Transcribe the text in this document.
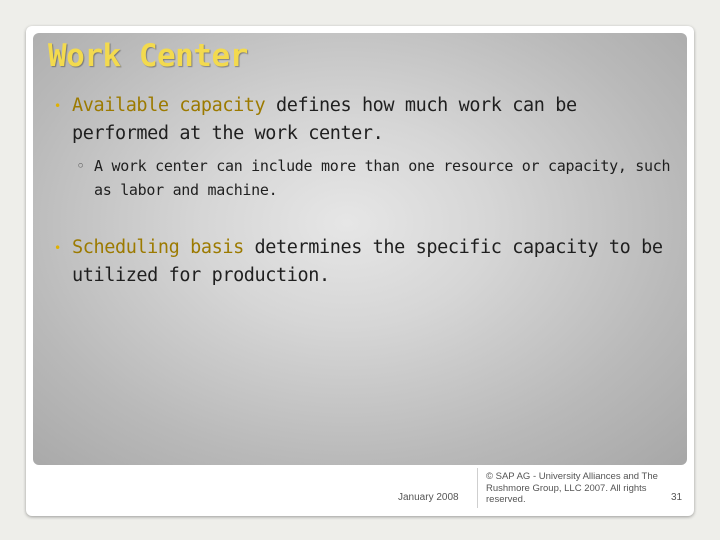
Work Center
• Available capacity defines how much work can be performed at the work center.
◦ A work center can include more than one resource or capacity, such as labor and machine.
• Scheduling basis determines the specific capacity to be utilized for production.
January 2008
© SAP AG - University Alliances and The Rushmore Group, LLC 2007. All rights reserved.	31
